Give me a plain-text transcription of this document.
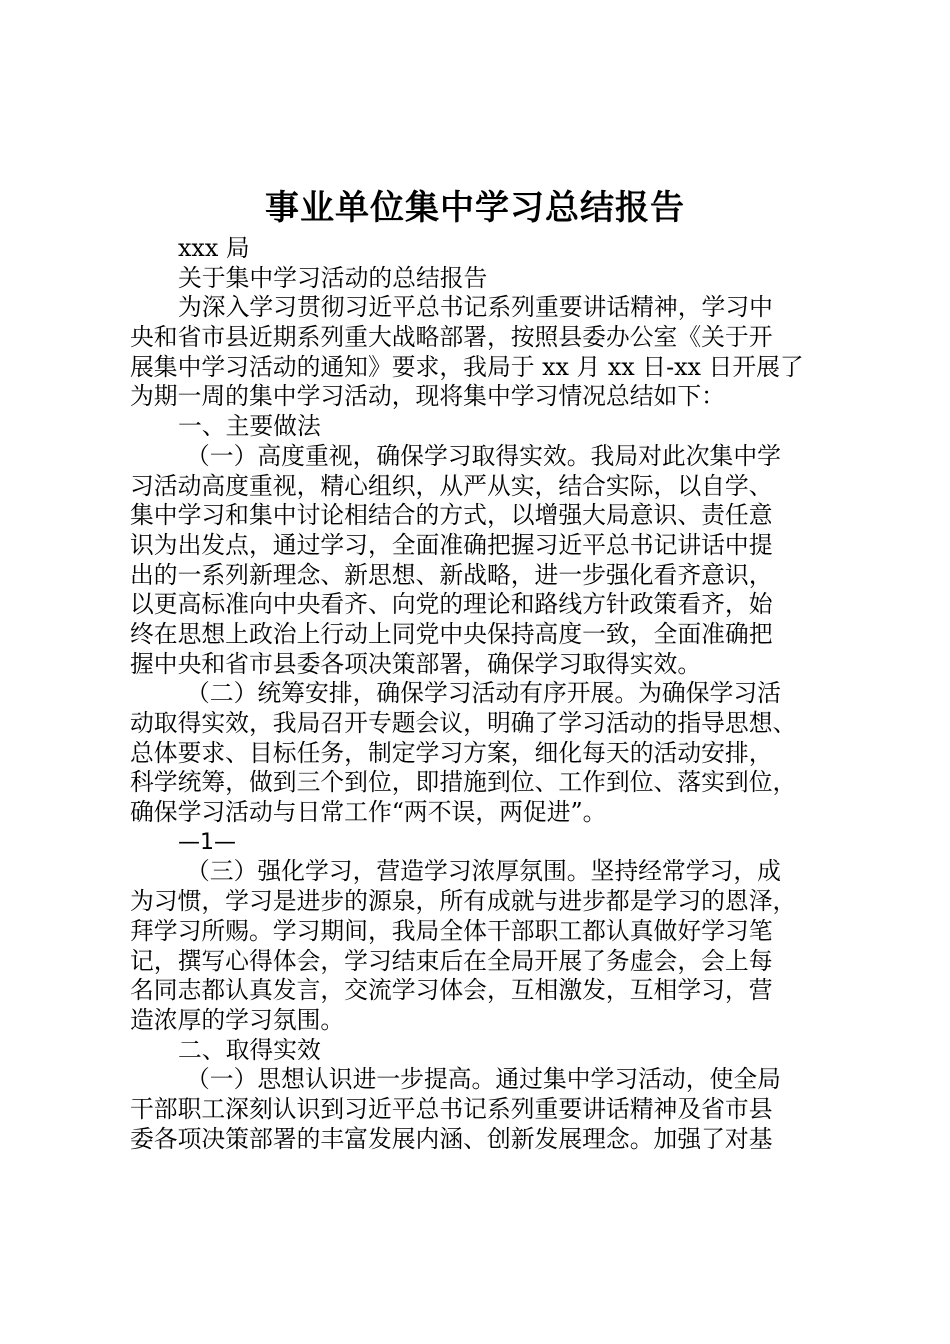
事业单位集中学习总结报告
xxx 局
关于集中学习活动的总结报告
为深入学习贯彻习近平总书记系列重要讲话精神，学习中
央和省市县近期系列重大战略部署，按照县委办公室《关于开
展集中学习活动的通知》要求，我局于 xx 月 xx 日-xx 日开展了
为期一周的集中学习活动，现将集中学习情况总结如下：
一、主要做法
（一）高度重视，确保学习取得实效。我局对此次集中学
习活动高度重视，精心组织，从严从实，结合实际，以自学、
集中学习和集中讨论相结合的方式，以增强大局意识、责任意
识为出发点，通过学习，全面准确把握习近平总书记讲话中提
出的一系列新理念、新思想、新战略，进一步强化看齐意识，
以更高标准向中央看齐、向党的理论和路线方针政策看齐，始
终在思想上政治上行动上同党中央保持高度一致，全面准确把
握中央和省市县委各项决策部署，确保学习取得实效。
（二）统筹安排，确保学习活动有序开展。为确保学习活
动取得实效，我局召开专题会议，明确了学习活动的指导思想、
总体要求、目标任务，制定学习方案，细化每天的活动安排，
科学统筹，做到三个到位，即措施到位、工作到位、落实到位，
确保学习活动与日常工作“两不误，两促进”。
—1—
（三）强化学习，营造学习浓厚氛围。坚持经常学习，成
为习惯，学习是进步的源泉，所有成就与进步都是学习的恩泽，
拜学习所赐。学习期间，我局全体干部职工都认真做好学习笔
记，撰写心得体会，学习结束后在全局开展了务虚会，会上每
名同志都认真发言，交流学习体会，互相激发，互相学习，营
造浓厚的学习氛围。
二、取得实效
（一）思想认识进一步提高。通过集中学习活动，使全局
干部职工深刻认识到习近平总书记系列重要讲话精神及省市县
委各项决策部署的丰富发展内涵、创新发展理念。加强了对基
